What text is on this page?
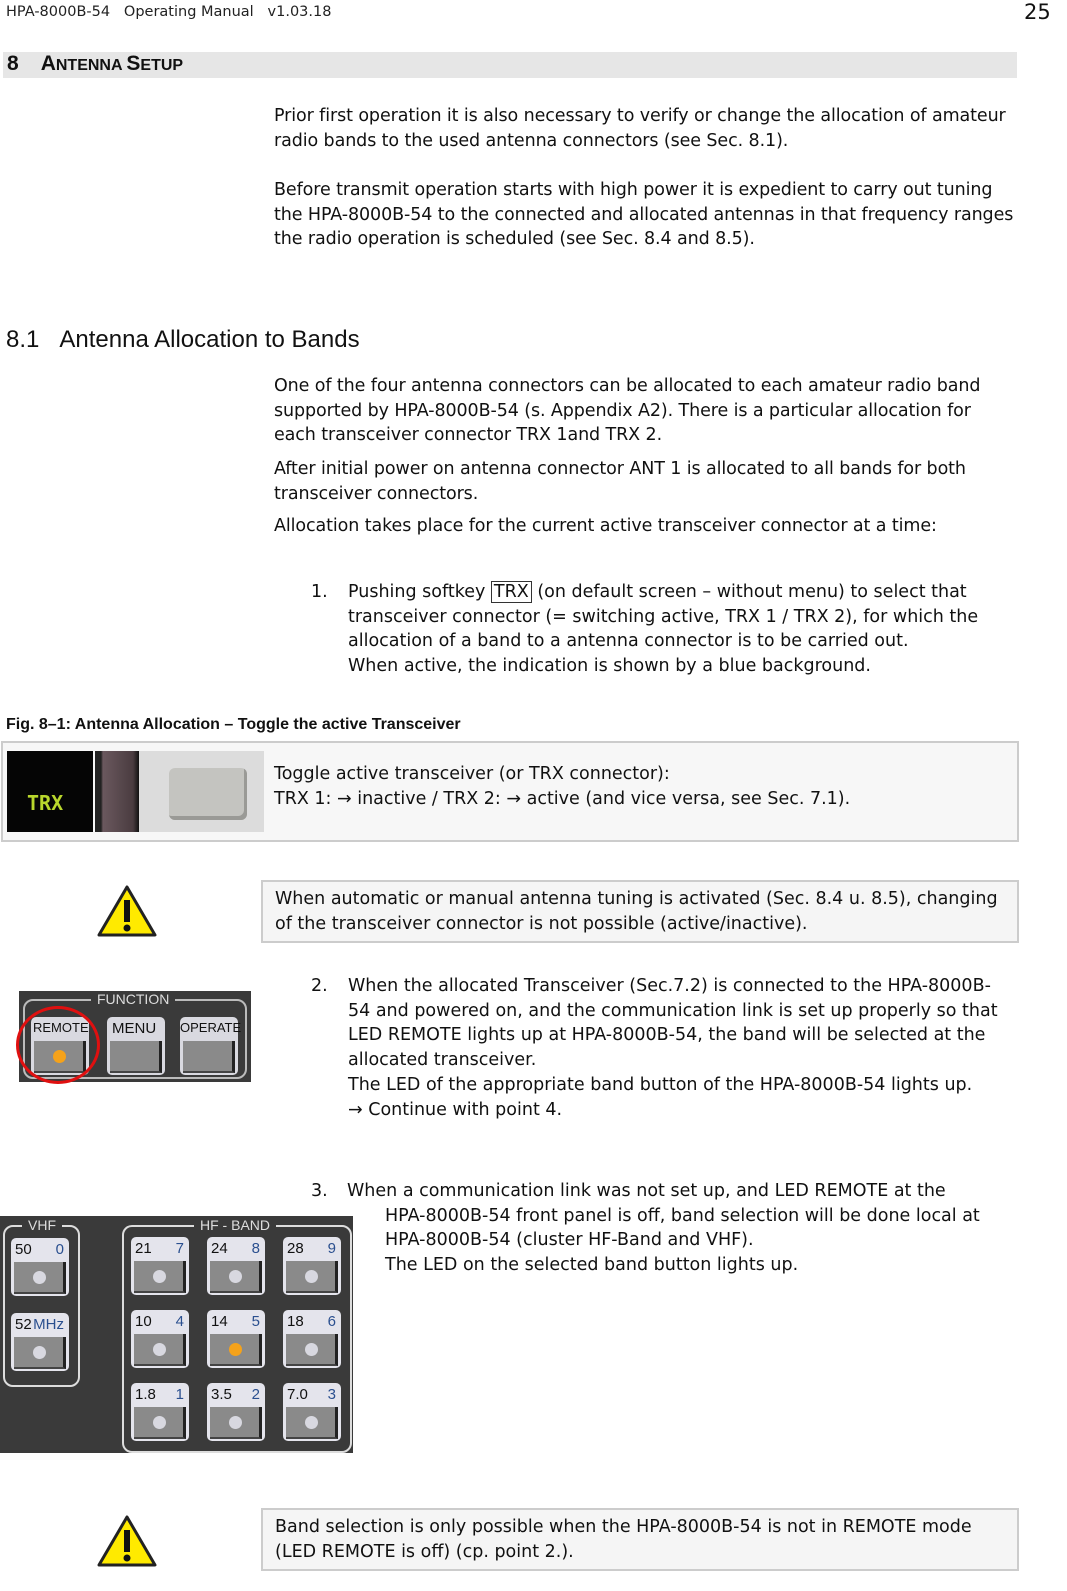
HPA-8000B-54   Operating Manual   v1.03.18	25
8 ANTENNA SETUP
Prior first operation it is also necessary to verify or change the allocation of amateur radio bands to the used antenna connectors (see Sec. 8.1).
Before transmit operation starts with high power it is expedient to carry out tuning the HPA-8000B-54 to the connected and allocated antennas in that frequency ranges the radio operation is scheduled (see Sec. 8.4 and 8.5).
8.1 Antenna Allocation to Bands
One of the four antenna connectors can be allocated to each amateur radio band supported by HPA-8000B-54 (s. Appendix A2). There is a particular allocation for each transceiver connector TRX 1and TRX 2.
After initial power on antenna connector ANT 1 is allocated to all bands for both transceiver connectors.
Allocation takes place for the current active transceiver connector at a time:
1. Pushing softkey TRX (on default screen – without menu) to select that transceiver connector (= switching active, TRX 1 / TRX 2), for which the allocation of a band to a antenna connector is to be carried out.
When active, the indication is shown by a blue background.
Fig. 8–1: Antenna Allocation – Toggle the active Transceiver
TRX
Toggle active transceiver (or TRX connector):
TRX 1: → inactive / TRX 2: → active (and vice versa, see Sec. 7.1).
When automatic or manual antenna tuning is activated (Sec. 8.4 u. 8.5), changing of the transceiver connector is not possible (active/inactive).
FUNCTION
REMOTE MENU OPERATE
2. When the allocated Transceiver (Sec.7.2) is connected to the HPA-8000B-54 and powered on, and the communication link is set up properly so that LED REMOTE lights up at HPA-8000B-54, the band will be selected at the allocated transceiver.
The LED of the appropriate band button of the HPA-8000B-54 lights up.
→ Continue with point 4.
3. When a communication link was not set up, and LED REMOTE at the
HPA-8000B-54 front panel is off, band selection will be done local at HPA-8000B-54 (cluster HF-Band and VHF).
The LED on the selected band button lights up.
VHF	HF - BAND
50 0
52 MHz
21 7 24 8 28 9
10 4 14 5 18 6
1.8 1 3.5 2 7.0 3
Band selection is only possible when the HPA-8000B-54 is not in REMOTE mode (LED REMOTE is off) (cp. point 2.).
